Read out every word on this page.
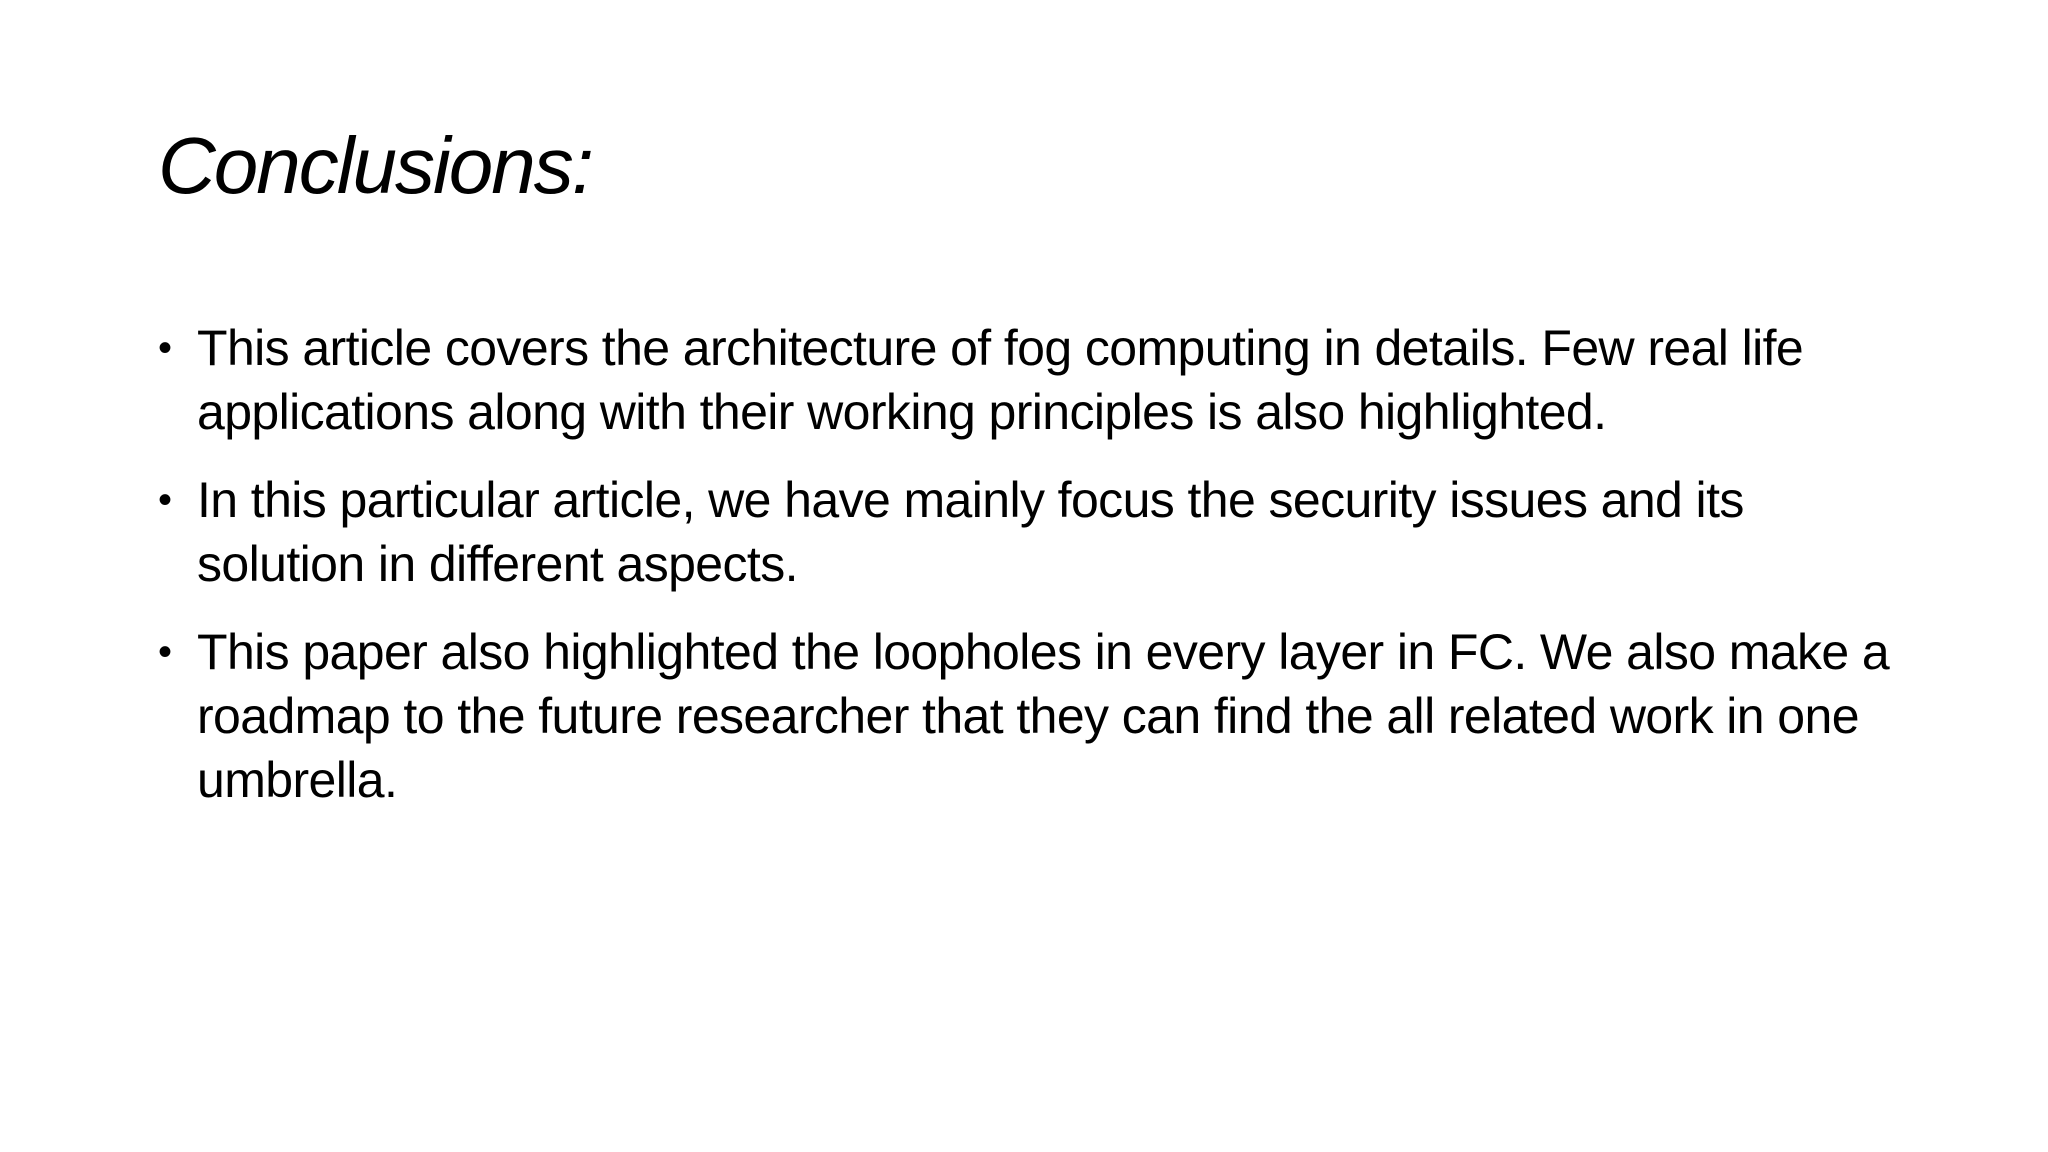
Conclusions:
• This article covers the architecture of fog computing in details. Few real life applications along with their working principles is also highlighted.
• In this particular article, we have mainly focus the security issues and its solution in different aspects.
• This paper also highlighted the loopholes in every layer in FC. We also make a roadmap to the future researcher that they can find the all related work in one umbrella.
